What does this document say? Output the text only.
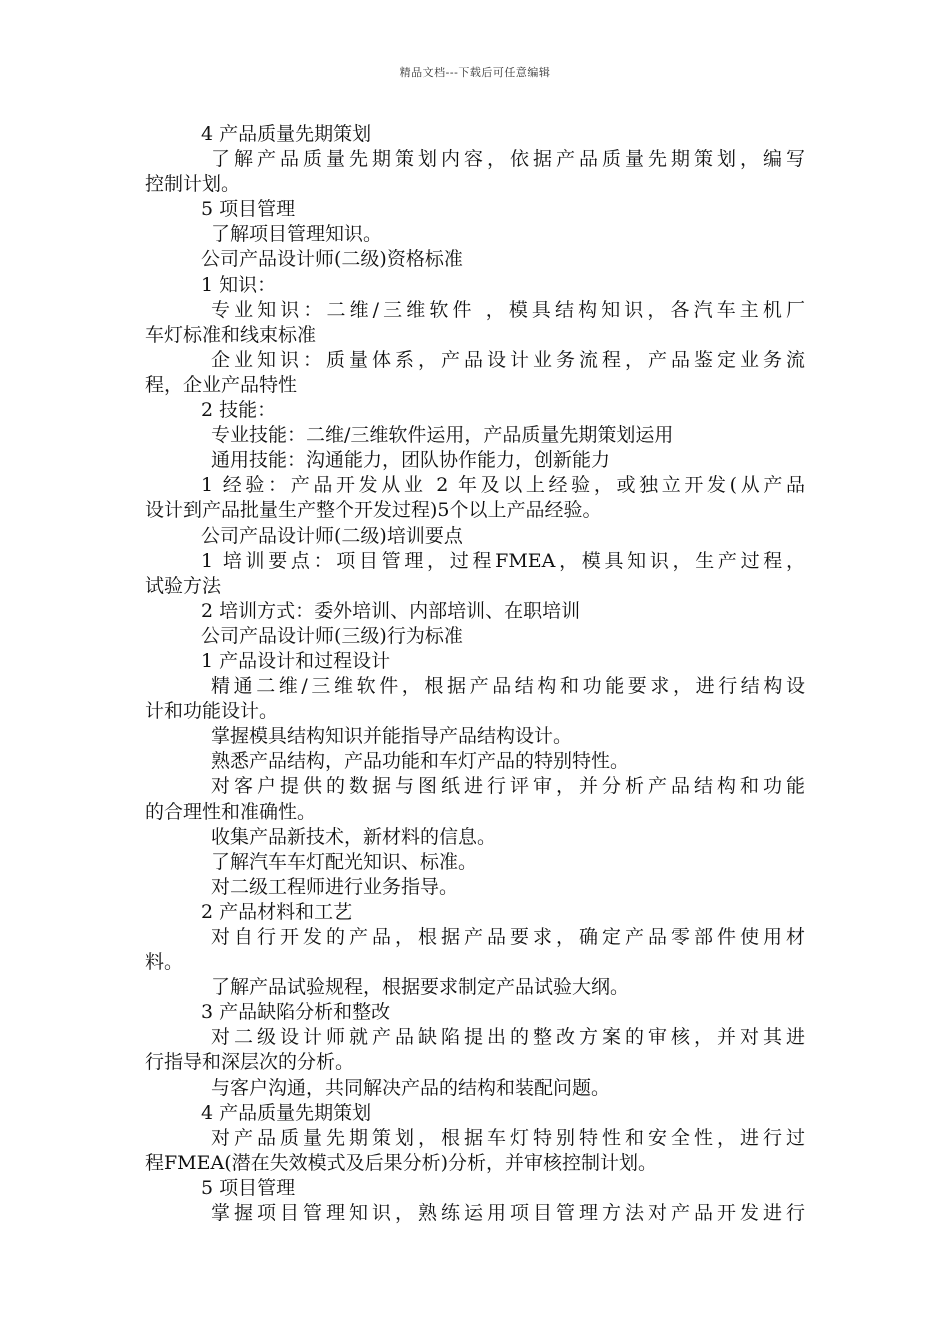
精品文档---下载后可任意编辑
4 产品质量先期策划
了解产品质量先期策划内容，依据产品质量先期策划，编写
控制计划。
5 项目管理
了解项目管理知识。
公司产品设计师(二级)资格标准
1 知识：
专业知识：二维/三维软件 ，模具结构知识，各汽车主机厂
车灯标准和线束标准
企业知识：质量体系，产品设计业务流程，产品鉴定业务流
程，企业产品特性
2 技能：
专业技能：二维/三维软件运用，产品质量先期策划运用
通用技能：沟通能力，团队协作能力，创新能力
1 经验：产品开发从业 2 年及以上经验，或独立开发(从产品
设计到产品批量生产整个开发过程)5个以上产品经验。
公司产品设计师(二级)培训要点
1 培训要点：项目管理，过程FMEA，模具知识，生产过程，
试验方法
2 培训方式：委外培训、内部培训、在职培训
公司产品设计师(三级)行为标准
1 产品设计和过程设计
精通二维/三维软件，根据产品结构和功能要求，进行结构设
计和功能设计。
掌握模具结构知识并能指导产品结构设计。
熟悉产品结构，产品功能和车灯产品的特别特性。
对客户提供的数据与图纸进行评审，并分析产品结构和功能
的合理性和准确性。
收集产品新技术，新材料的信息。
了解汽车车灯配光知识、标准。
对二级工程师进行业务指导。
2 产品材料和工艺
对自行开发的产品，根据产品要求，确定产品零部件使用材
料。
了解产品试验规程，根据要求制定产品试验大纲。
3 产品缺陷分析和整改
对二级设计师就产品缺陷提出的整改方案的审核，并对其进
行指导和深层次的分析。
与客户沟通，共同解决产品的结构和装配问题。
4 产品质量先期策划
对产品质量先期策划，根据车灯特别特性和安全性，进行过
程FMEA(潜在失效模式及后果分析)分析，并审核控制计划。
5 项目管理
掌握项目管理知识，熟练运用项目管理方法对产品开发进行
